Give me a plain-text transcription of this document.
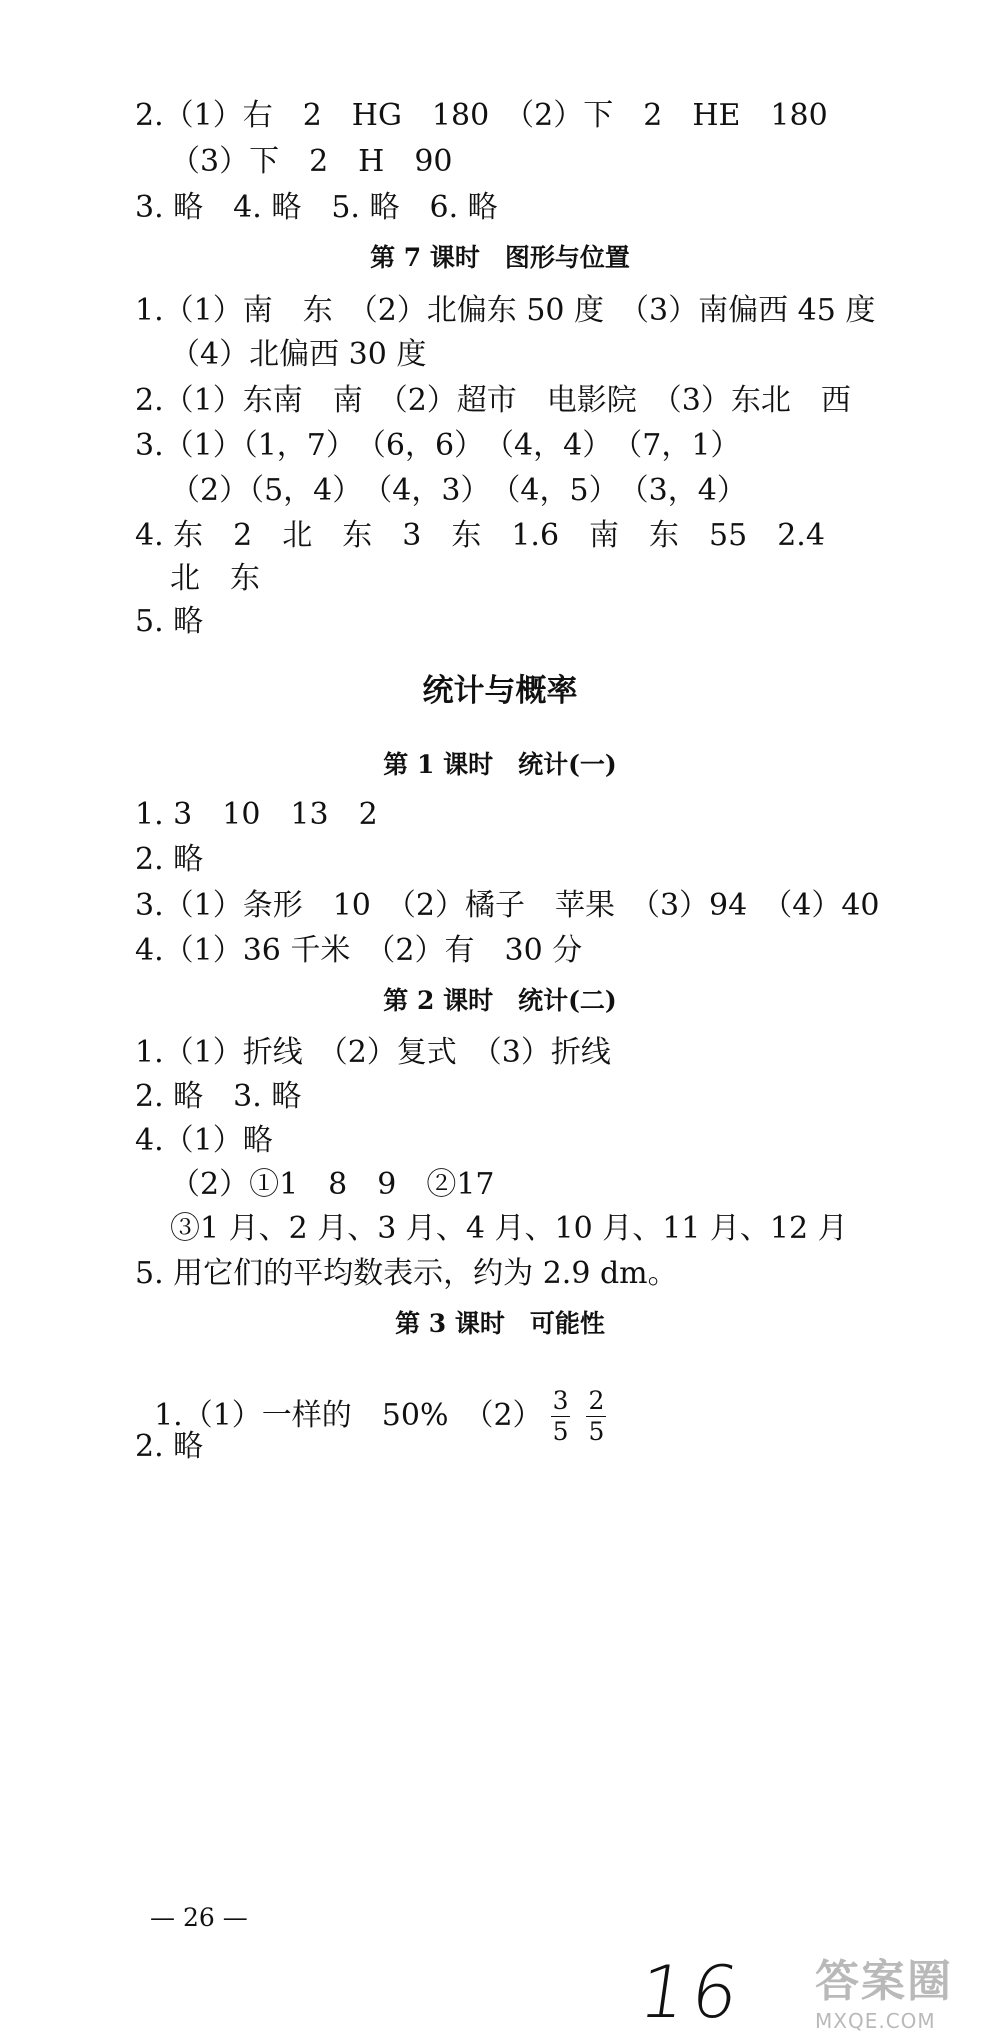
2.（1）右　2　HG　180　（2）下　2　HE　180
（3）下　2　H　90
3. 略　4. 略　5. 略　6. 略
第 7 课时　图形与位置
1.（1）南　东　（2）北偏东 50 度　（3）南偏西 45 度
（4）北偏西 30 度
2.（1）东南　南　（2）超市　电影院　（3）东北　西
3.（1）（1，7）　（6，6）　（4，4）　（7，1）
（2）（5，4）　（4，3）　（4，5）　（3，4）
4. 东　2　北　东　3　东　1.6　南　东　55　2.4
北　东
5. 略
统计与概率
第 1 课时　统计(一)
1. 3　10　13　2
2. 略
3.（1）条形　10　（2）橘子　苹果　（3）94　（4）40
4.（1）36 千米　（2）有　30 分
第 2 课时　统计(二)
1.（1）折线　（2）复式　（3）折线
2. 略　3. 略
4.（1）略
（2）①1　8　9　②17
③1 月、2 月、3 月、4 月、10 月、11 月、12 月
5. 用它们的平均数表示，约为 2.9 dm。
第 3 课时　可能性

1.（1）一样的　50%　$(2) \frac{3}{5} \frac{2}{5}$

2. 略
— 26 —
16 答案圈
MXQE.COM
